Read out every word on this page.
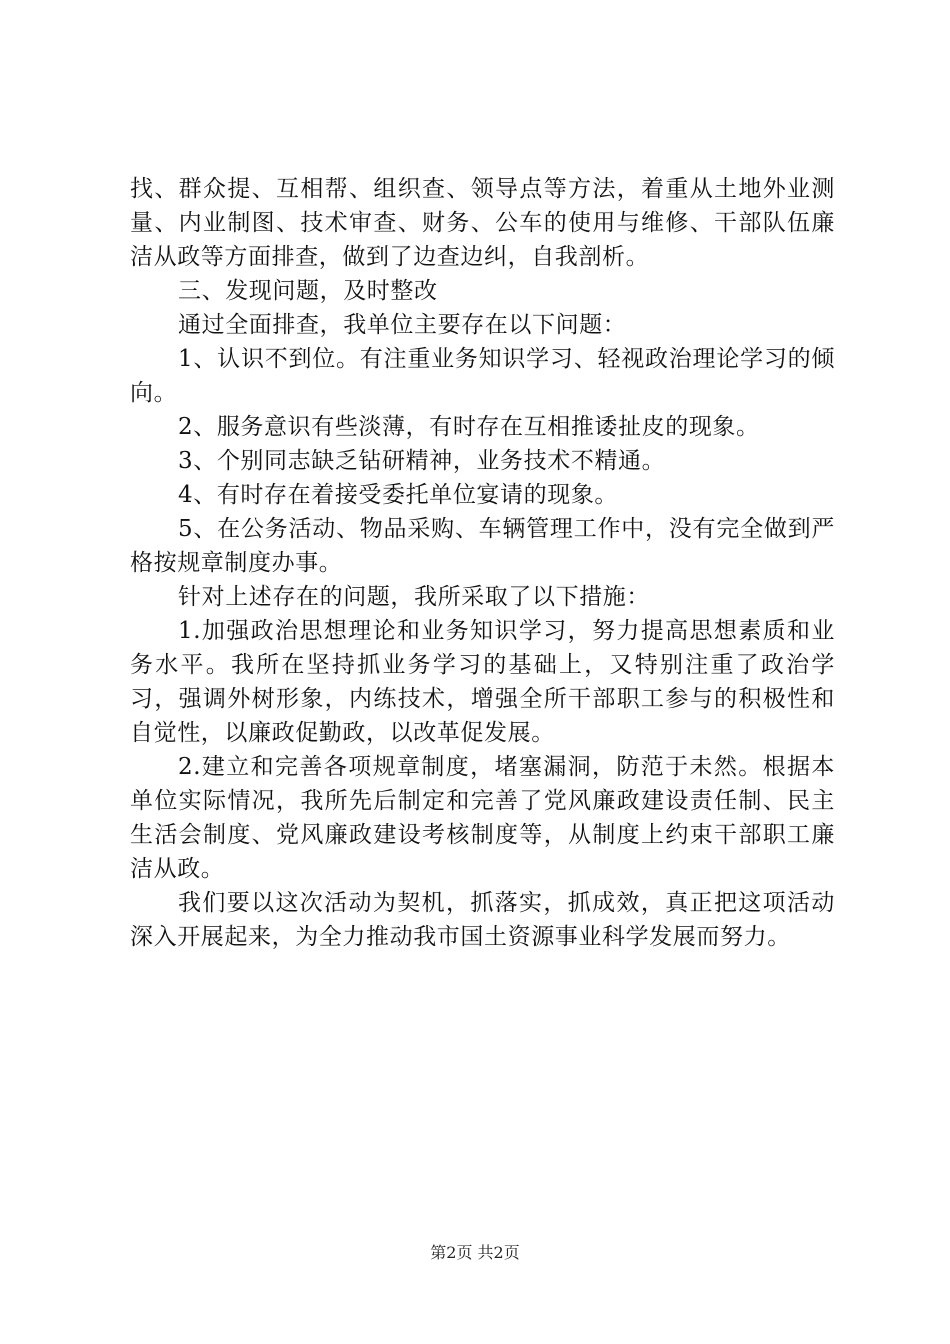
找、群众提、互相帮、组织查、领导点等方法，着重从土地外业测量、内业制图、技术审查、财务、公车的使用与维修、干部队伍廉洁从政等方面排查，做到了边查边纠，自我剖析。

三、发现问题，及时整改

通过全面排查，我单位主要存在以下问题：

1、认识不到位。有注重业务知识学习、轻视政治理论学习的倾向。

2、服务意识有些淡薄，有时存在互相推诿扯皮的现象。

3、个别同志缺乏钻研精神，业务技术不精通。

4、有时存在着接受委托单位宴请的现象。

5、在公务活动、物品采购、车辆管理工作中，没有完全做到严格按规章制度办事。

针对上述存在的问题，我所采取了以下措施：

1.加强政治思想理论和业务知识学习，努力提高思想素质和业务水平。我所在坚持抓业务学习的基础上，又特别注重了政治学习，强调外树形象，内练技术，增强全所干部职工参与的积极性和自觉性，以廉政促勤政，以改革促发展。

2.建立和完善各项规章制度，堵塞漏洞，防范于未然。根据本单位实际情况，我所先后制定和完善了党风廉政建设责任制、民主生活会制度、党风廉政建设考核制度等，从制度上约束干部职工廉洁从政。

我们要以这次活动为契机，抓落实，抓成效，真正把这项活动深入开展起来，为全力推动我市国土资源事业科学发展而努力。

第2页 共2页
